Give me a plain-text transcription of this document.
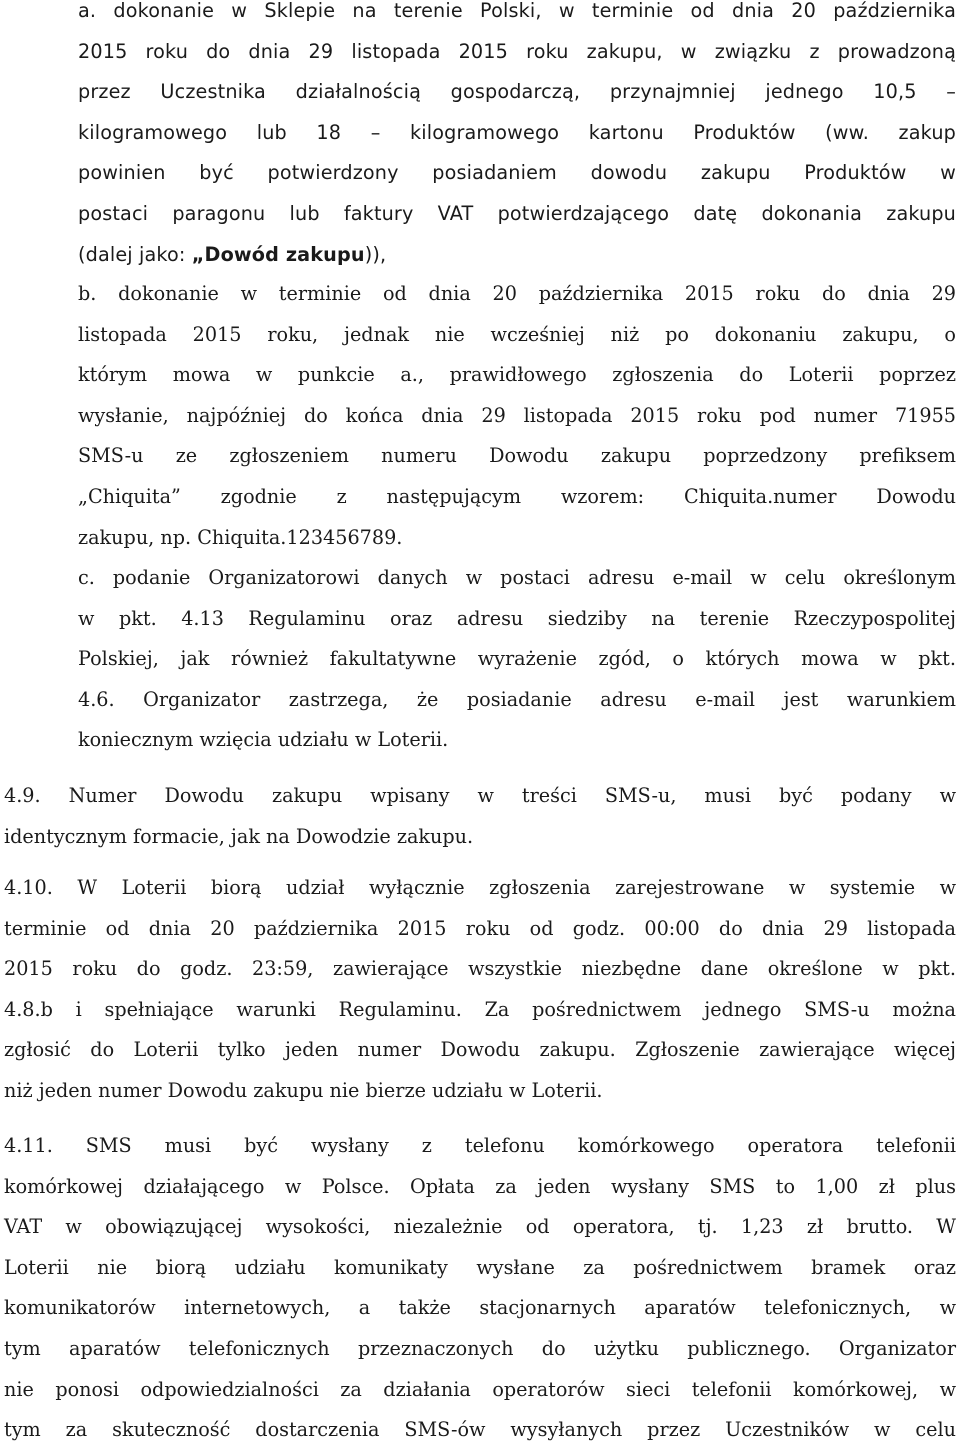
a. dokonanie w Sklepie na terenie Polski, w terminie od dnia 20 października
2015 roku do dnia 29 listopada 2015 roku zakupu, w związku z prowadzoną
przez Uczestnika działalnością gospodarczą, przynajmniej jednego 10,5 –
kilogramowego lub 18 – kilogramowego kartonu Produktów (ww. zakup
powinien być potwierdzony posiadaniem dowodu zakupu Produktów w
postaci paragonu lub faktury VAT potwierdzającego datę dokonania zakupu
(dalej jako: „Dowód zakupu)),
b. dokonanie w terminie od dnia 20 października 2015 roku do dnia 29
listopada 2015 roku, jednak nie wcześniej niż po dokonaniu zakupu, o
którym mowa w punkcie a., prawidłowego zgłoszenia do Loterii poprzez
wysłanie, najpóźniej do końca dnia 29 listopada 2015 roku pod numer 71955
SMS-u ze zgłoszeniem numeru Dowodu zakupu poprzedzony prefiksem
„Chiquita” zgodnie z następującym wzorem: Chiquita.numer Dowodu
zakupu, np. Chiquita.123456789.
c. podanie Organizatorowi danych w postaci adresu e-mail w celu określonym
w pkt. 4.13 Regulaminu oraz adresu siedziby na terenie Rzeczypospolitej
Polskiej, jak również fakultatywne wyrażenie zgód, o których mowa w pkt.
4.6. Organizator zastrzega, że posiadanie adresu e-mail jest warunkiem
koniecznym wzięcia udziału w Loterii.
4.9. Numer Dowodu zakupu wpisany w treści SMS-u, musi być podany w
identycznym formacie, jak na Dowodzie zakupu.
4.10. W Loterii biorą udział wyłącznie zgłoszenia zarejestrowane w systemie w
terminie od dnia 20 października 2015 roku od godz. 00:00 do dnia 29 listopada
2015 roku do godz. 23:59, zawierające wszystkie niezbędne dane określone w pkt.
4.8.b i spełniające warunki Regulaminu. Za pośrednictwem jednego SMS-u można
zgłosić do Loterii tylko jeden numer Dowodu zakupu. Zgłoszenie zawierające więcej
niż jeden numer Dowodu zakupu nie bierze udziału w Loterii.
4.11. SMS musi być wysłany z telefonu komórkowego operatora telefonii
komórkowej działającego w Polsce. Opłata za jeden wysłany SMS to 1,00 zł plus
VAT w obowiązującej wysokości, niezależnie od operatora, tj. 1,23 zł brutto. W
Loterii nie biorą udziału komunikaty wysłane za pośrednictwem bramek oraz
komunikatorów internetowych, a także stacjonarnych aparatów telefonicznych, w
tym aparatów telefonicznych przeznaczonych do użytku publicznego. Organizator
nie ponosi odpowiedzialności za działania operatorów sieci telefonii komórkowej, w
tym za skuteczność dostarczenia SMS-ów wysyłanych przez Uczestników w celu
